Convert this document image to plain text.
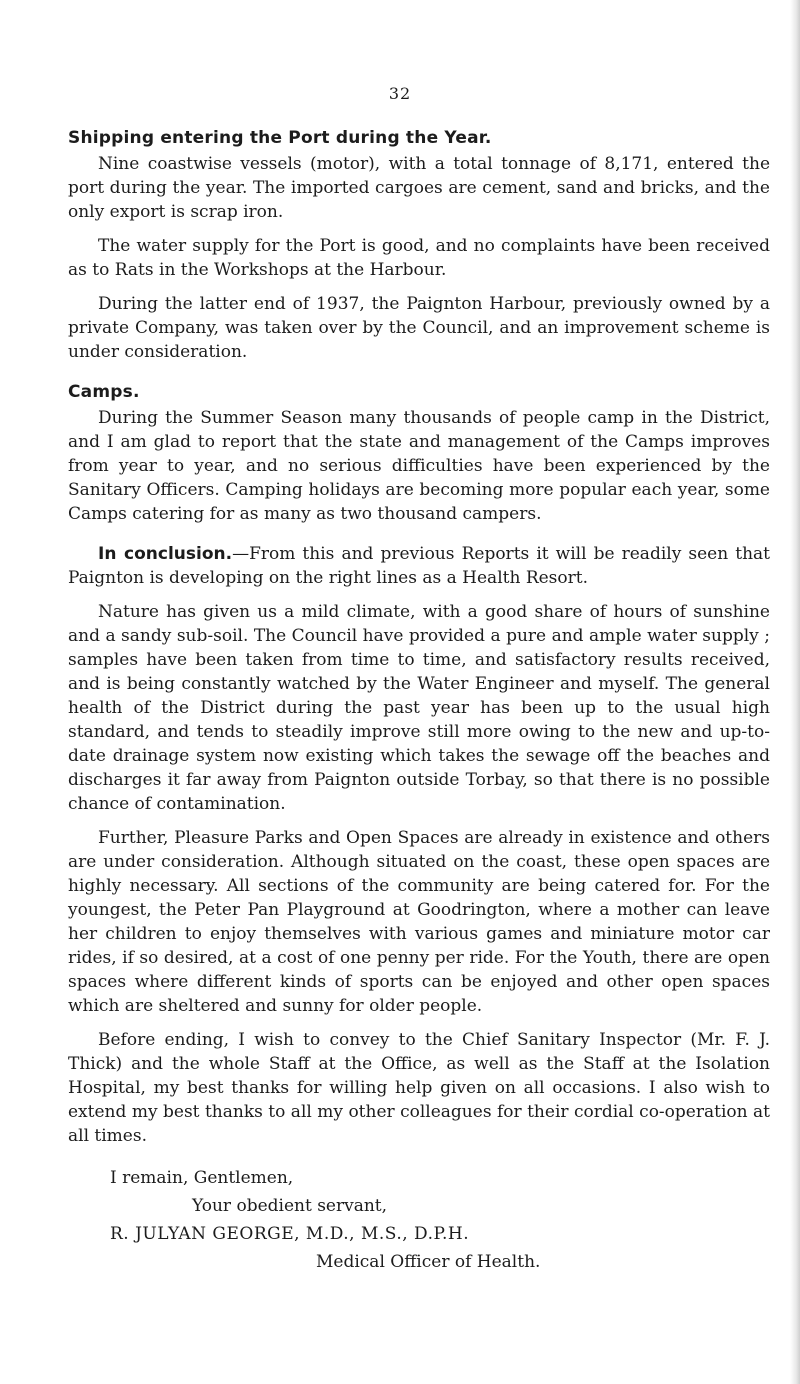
32
Shipping entering the Port during the Year.

Nine coastwise vessels (motor), with a total tonnage of 8,171, entered the port during the year. The imported cargoes are cement, sand and bricks, and the only export is scrap iron.

The water supply for the Port is good, and no complaints have been received as to Rats in the Workshops at the Harbour.

During the latter end of 1937, the Paignton Harbour, previously owned by a private Company, was taken over by the Council, and an improvement scheme is under consideration.

Camps.

During the Summer Season many thousands of people camp in the District, and I am glad to report that the state and management of the Camps improves from year to year, and no serious difficulties have been experienced by the Sanitary Officers. Camping holidays are becoming more popular each year, some Camps catering for as many as two thousand campers.

In conclusion.—From this and previous Reports it will be readily seen that Paignton is developing on the right lines as a Health Resort.

Nature has given us a mild climate, with a good share of hours of sunshine and a sandy sub-soil. The Council have provided a pure and ample water supply ; samples have been taken from time to time, and satisfactory results received, and is being constantly watched by the Water Engineer and myself. The general health of the District during the past year has been up to the usual high standard, and tends to steadily improve still more owing to the new and up-to-date drainage system now existing which takes the sewage off the beaches and discharges it far away from Paignton outside Torbay, so that there is no possible chance of contamination.

Further, Pleasure Parks and Open Spaces are already in existence and others are under consideration. Although situated on the coast, these open spaces are highly necessary. All sections of the community are being catered for. For the youngest, the Peter Pan Playground at Goodrington, where a mother can leave her children to enjoy themselves with various games and miniature motor car rides, if so desired, at a cost of one penny per ride. For the Youth, there are open spaces where different kinds of sports can be enjoyed and other open spaces which are sheltered and sunny for older people.

Before ending, I wish to convey to the Chief Sanitary Inspector (Mr. F. J. Thick) and the whole Staff at the Office, as well as the Staff at the Isolation Hospital, my best thanks for willing help given on all occasions. I also wish to extend my best thanks to all my other colleagues for their cordial co-operation at all times.

I remain, Gentlemen,
Your obedient servant,
R. JULYAN GEORGE, M.D., M.S., D.P.H.
Medical Officer of Health.
